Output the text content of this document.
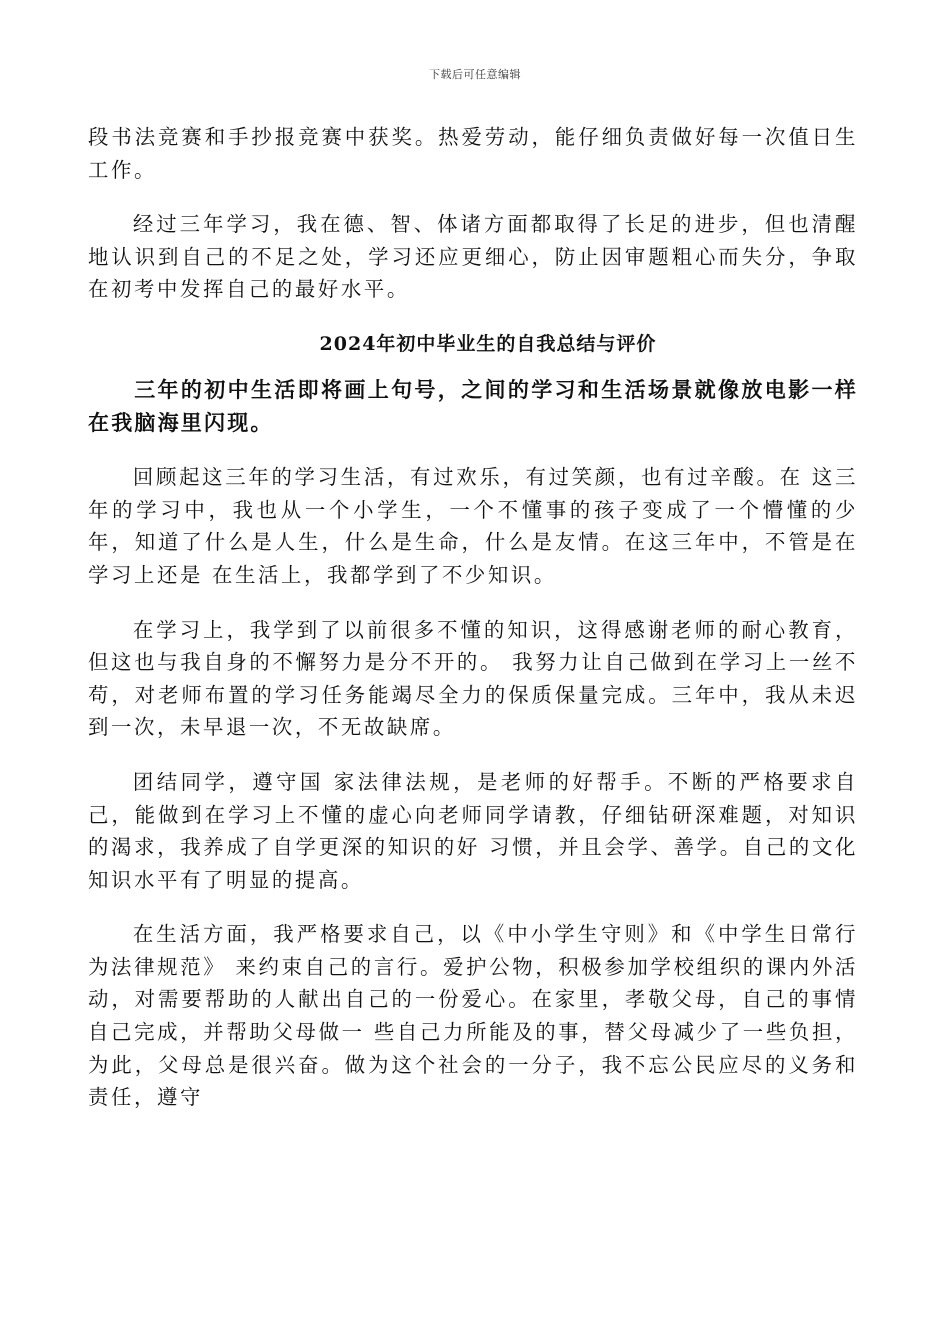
下载后可任意编辑

段书法竞赛和手抄报竞赛中获奖。热爱劳动，能仔细负责做好每一次值日生工作。

经过三年学习，我在德、智、体诸方面都取得了长足的进步，但也清醒地认识到自己的不足之处，学习还应更细心，防止因审题粗心而失分，争取在初考中发挥自己的最好水平。

2024年初中毕业生的自我总结与评价

三年的初中生活即将画上句号，之间的学习和生活场景就像放电影一样在我脑海里闪现。

回顾起这三年的学习生活，有过欢乐，有过笑颜，也有过辛酸。在 这三年的学习中，我也从一个小学生，一个不懂事的孩子变成了一个懵懂的少年，知道了什么是人生，什么是生命，什么是友情。在这三年中，不管是在学习上还是 在生活上，我都学到了不少知识。

在学习上，我学到了以前很多不懂的知识，这得感谢老师的耐心教育，但这也与我自身的不懈努力是分不开的。 我努力让自己做到在学习上一丝不苟，对老师布置的学习任务能竭尽全力的保质保量完成。三年中，我从未迟到一次，未早退一次，不无故缺席。

团结同学，遵守国 家法律法规，是老师的好帮手。不断的严格要求自己，能做到在学习上不懂的虚心向老师同学请教，仔细钻研深难题，对知识的渴求，我养成了自学更深的知识的好 习惯，并且会学、善学。自己的文化知识水平有了明显的提高。

在生活方面，我严格要求自己，以《中小学生守则》和《中学生日常行为法律规范》 来约束自己的言行。爱护公物，积极参加学校组织的课内外活动，对需要帮助的人献出自己的一份爱心。在家里，孝敬父母，自己的事情自己完成，并帮助父母做一 些自己力所能及的事，替父母减少了一些负担，为此，父母总是很兴奋。做为这个社会的一分子，我不忘公民应尽的义务和责任，遵守
